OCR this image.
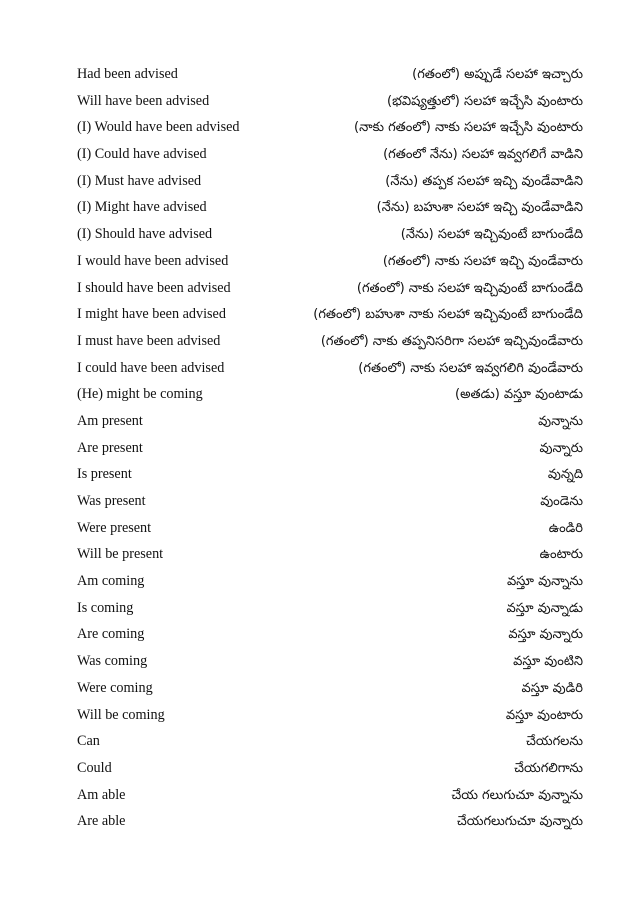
Had been advised	(గతంలో) అప్పుడే సలహా ఇచ్చారు
Will have been advised	(భవిష్యత్తులో) సలహా ఇచ్చేసి వుంటారు
(I) Would have been advised	(నాకు గతంలో) నాకు సలహా ఇచ్చేసి వుంటారు
(I) Could have advised	(గతంలో నేను) సలహా ఇవ్వగలిగే వాడిని
(I) Must have advised	(నేను) తప్పక సలహా ఇచ్చి వుండేవాడిని
(I) Might have advised	(నేను) బహుశా సలహా ఇచ్చి వుండేవాడిని
(I) Should have advised	(నేను) సలహా ఇచ్చివుంటే బాగుండేది
I would have been advised	(గతంలో) నాకు సలహా ఇచ్చి వుండేవారు
I should have been advised	(గతంలో) నాకు సలహా ఇచ్చివుంటే బాగుండేది
I might have been advised	(గతంలో) బహుశా నాకు సలహా ఇచ్చివుంటే బాగుండేది
I must have been advised	(గతంలో) నాకు తప్పనిసరిగా సలహా ఇచ్చివుండేవారు
I could have been advised	(గతంలో) నాకు సలహా ఇవ్వగలిగి వుండేవారు
(He) might be coming	(అతడు) వస్తూ వుంటాడు
Am present	వున్నాను
Are present	వున్నారు
Is present	వున్నది
Was present	వుండెను
Were present	ఉండిరి
Will be present	ఉంటారు
Am coming	వస్తూ వున్నాను
Is coming	వస్తూ వున్నాడు
Are coming	వస్తూ వున్నారు
Was coming	వస్తూ వుంటిని
Were coming	వస్తూ వుడిరి
Will be coming	వస్తూ వుంటారు
Can	చేయగలను
Could	చేయగలిగాను
Am able	చేయ గలుగుచూ వున్నాను
Are able	చేయగలుగుచూ వున్నారు
